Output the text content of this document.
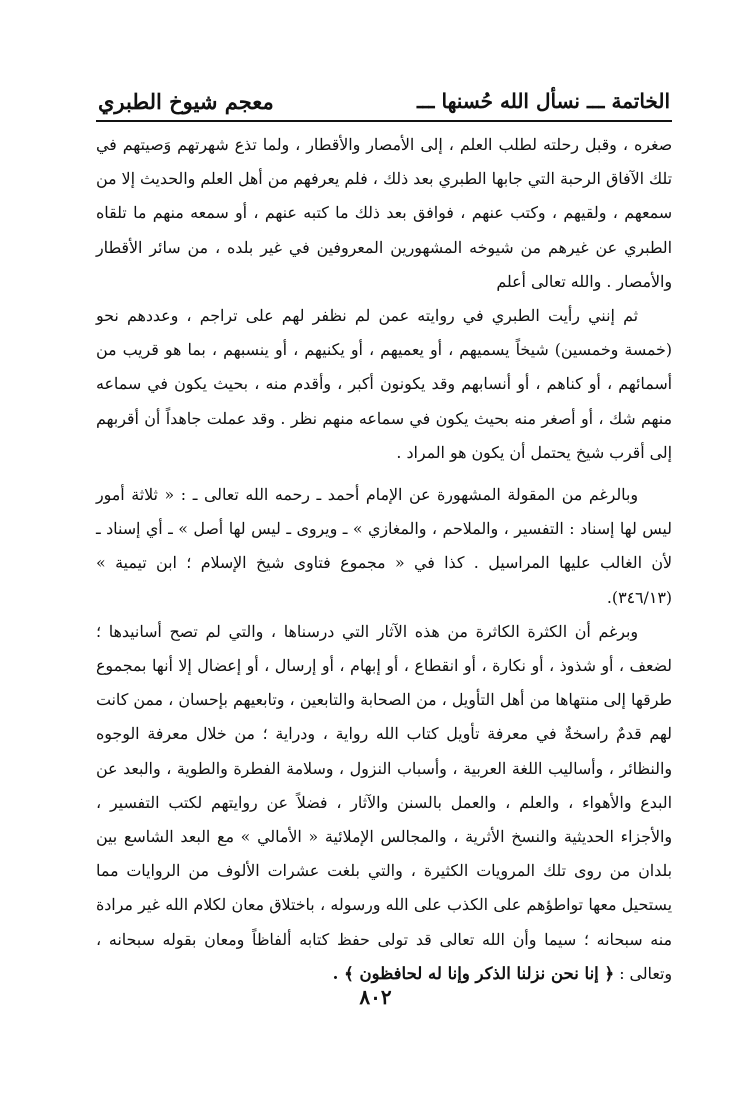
الخاتمة ـــ نسأل الله حُسنها ـــ
معجم شيوخ الطبري

صغره ، وقبل رحلته لطلب العلم ، إلى الأمصار والأقطار ، ولما تذع شهرتهم وَصيتهم في تلك الآفاق الرحبة التي جابها الطبري بعد ذلك ، فلم يعرفهم من أهل العلم والحديث إلا من سمعهم ، ولقيهم ، وكتب عنهم ، فوافق بعد ذلك ما كتبه عنهم ، أو سمعه منهم ما تلقاه الطبري عن غيرهم من شيوخه المشهورين المعروفين في غير بلده ، من سائر الأقطار والأمصار . والله تعالى أعلم

ثم إنني رأيت الطبري في روايته عمن لم نظفر لهم على تراجم ، وعددهم نحو (خمسة وخمسين) شيخاً يسميهم ، أو يعميهم ، أو يكنيهم ، أو ينسبهم ، بما هو قريب من أسمائهم ، أو كناهم ، أو أنسابهم وقد يكونون أكبر ، وأقدم منه ، بحيث يكون في سماعه منهم شك ، أو أصغر منه بحيث يكون في سماعه منهم نظر . وقد عملت جاهداً أن أقربهم إلى أقرب شيخ يحتمل أن يكون هو المراد .

وبالرغم من المقولة المشهورة عن الإمام أحمد ـ رحمه الله تعالى ـ : « ثلاثة أمور ليس لها إسناد : التفسير ، والملاحم ، والمغازي » ـ ويروى ـ ليس لها أصل » ـ أي إسناد ـ لأن الغالب عليها المراسيل . كذا في « مجموع فتاوى شيخ الإسلام ؛ ابن تيمية » (٣٤٦/١٣).

وبرغم أن الكثرة الكاثرة من هذه الآثار التي درسناها ، والتي لم تصح أسانيدها ؛ لضعف ، أو شذوذ ، أو نكارة ، أو انقطاع ، أو إبهام ، أو إرسال ، أو إعضال إلا أنها بمجموع طرقها إلى منتهاها من أهل التأويل ، من الصحابة والتابعين ، وتابعيهم بإحسان ، ممن كانت لهم قدمٌ راسخةٌ في معرفة تأويل كتاب الله رواية ، ودراية ؛ من خلال معرفة الوجوه والنظائر ، وأساليب اللغة العربية ، وأسباب النزول ، وسلامة الفطرة والطوية ، والبعد عن البدع والأهواء ، والعلم ، والعمل بالسنن والآثار ، فضلاً عن روايتهم لكتب التفسير ، والأجزاء الحديثية والنسخ الأثرية ، والمجالس الإملائية « الأمالي » مع البعد الشاسع بين بلدان من روى تلك المرويات الكثيرة ، والتي بلغت عشرات الألوف من الروايات مما يستحيل معها تواطؤهم على الكذب على الله ورسوله ، باختلاق معان لكلام الله غير مرادة منه سبحانه ؛ سيما وأن الله تعالى قد تولى حفظ كتابه ألفاظاً ومعان بقوله سبحانه ، وتعالى : ﴿ إنا نحن نزلنا الذكر وإنا له لحافظون ﴾ .

٨٠٢
